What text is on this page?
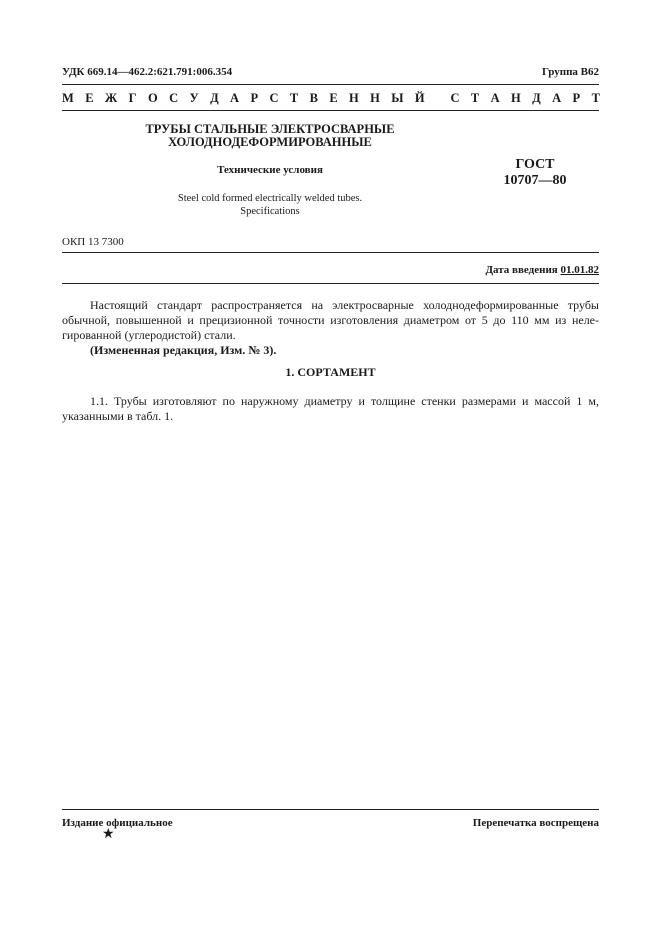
УДК 669.14—462.2:621.791:006.354	Группа В62
М Е Ж Г О С У Д А Р С Т В Е Н Н Ы Й
С Т А Н Д А Р Т
ТРУБЫ СТАЛЬНЫЕ ЭЛЕКТРОСВАРНЫЕ
ХОЛОДНОДЕФОРМИРОВАННЫЕ
Технические условия
Steel cold formed electrically welded tubes.
Specifications
ГОСТ
10707—80
ОКП 13 7300
Дата введения 01.01.82
Настоящий стандарт распространяется на электросварные холоднодеформированные трубы
обычной, повышенной и прецизионной точности изготовления диаметром от 5 до 110 мм из неле-
гированной (углеродистой) стали.
(Измененная редакция, Изм. № 3).
1. СОРТАМЕНТ
1.1. Трубы изготовляют по наружному диаметру и толщине стенки размерами и массой 1 м,
указанными в табл. 1.
Издание официальное	Перепечатка воспрещена
★
